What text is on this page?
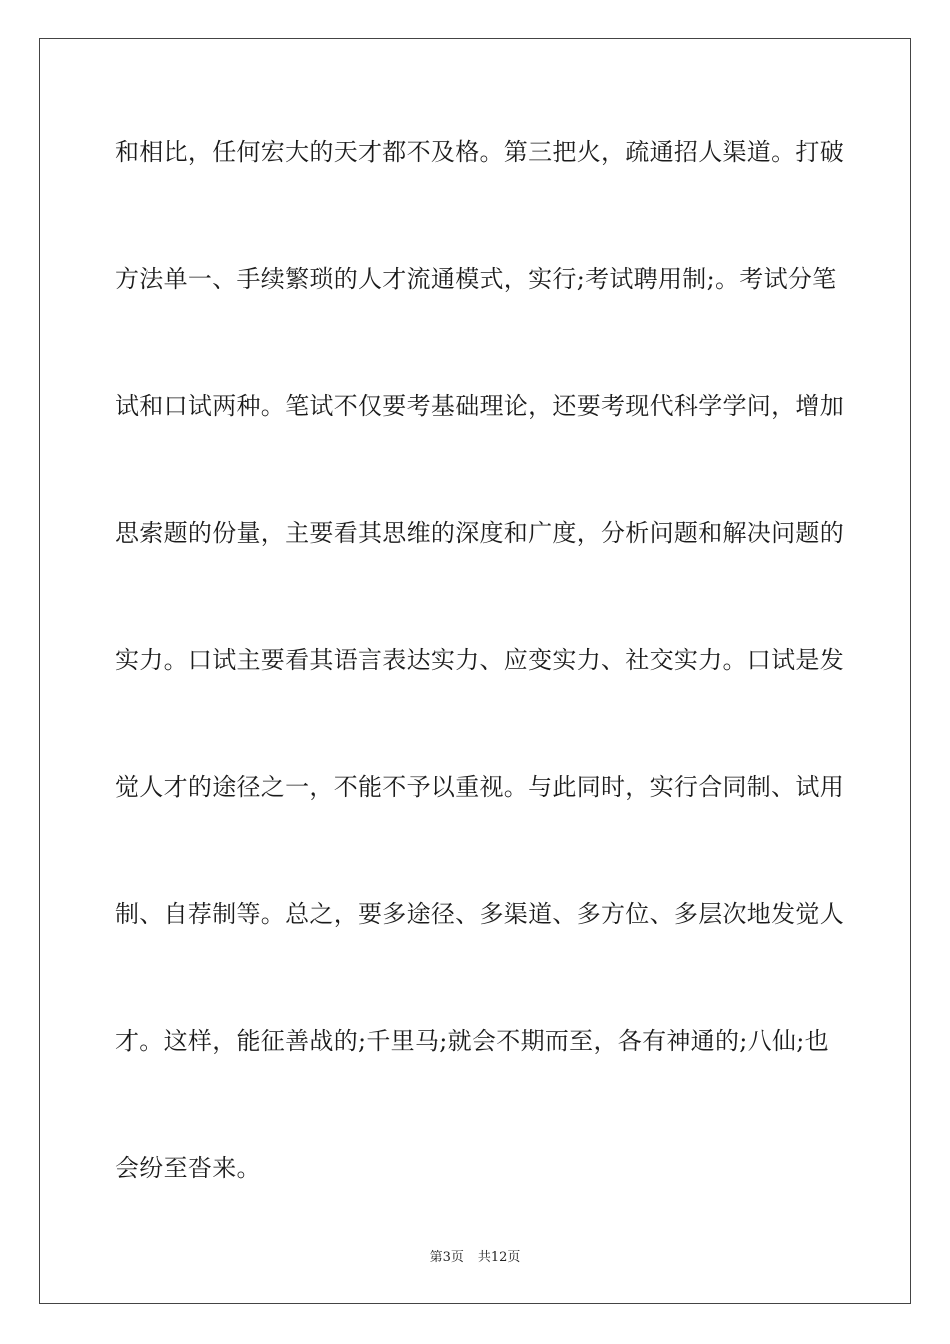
和相比，任何宏大的天才都不及格。第三把火，疏通招人渠道。打破
方法单一、手续繁琐的人才流通模式，实行;考试聘用制;。考试分笔
试和口试两种。笔试不仅要考基础理论，还要考现代科学学问，增加
思索题的份量，主要看其思维的深度和广度，分析问题和解决问题的
实力。口试主要看其语言表达实力、应变实力、社交实力。口试是发
觉人才的途径之一，不能不予以重视。与此同时，实行合同制、试用
制、自荐制等。总之，要多途径、多渠道、多方位、多层次地发觉人
才。这样，能征善战的;千里马;就会不期而至，各有神通的;八仙;也
会纷至沓来。
第3页 共12页
